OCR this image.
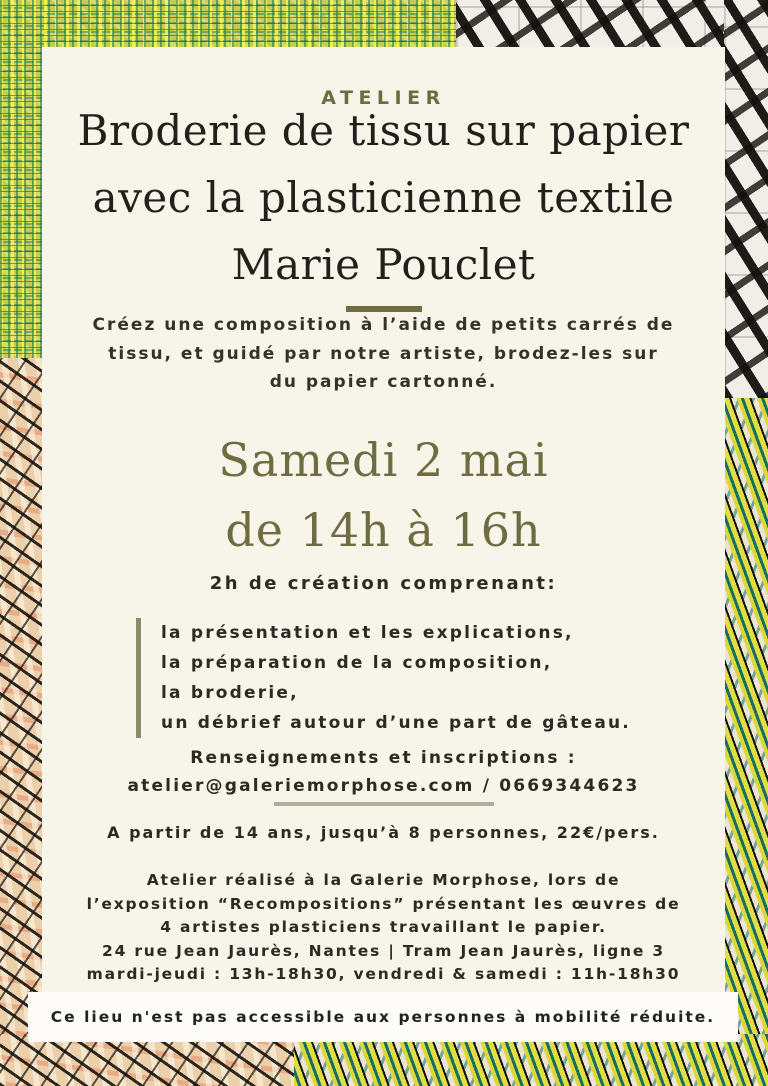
ATELIER
Broderie de tissu sur papier
avec la plasticienne textile
Marie Pouclet
Créez une composition à l’aide de petits carrés de
tissu, et guidé par notre artiste, brodez-les sur
du papier cartonné.
Samedi 2 mai
de 14h à 16h
2h de création comprenant:
la présentation et les explications,
la préparation de la composition,
la broderie,
un débrief autour d’une part de gâteau.
Renseignements et inscriptions :
atelier@galeriemorphose.com / 0669344623
A partir de 14 ans, jusqu’à 8 personnes, 22€/pers.
Atelier réalisé à la Galerie Morphose, lors de
l’exposition “Recompositions” présentant les œuvres de
4 artistes plasticiens travaillant le papier.
24 rue Jean Jaurès, Nantes | Tram Jean Jaurès, ligne 3
mardi-jeudi : 13h-18h30, vendredi & samedi : 11h-18h30
Ce lieu n'est pas accessible aux personnes à mobilité réduite.
